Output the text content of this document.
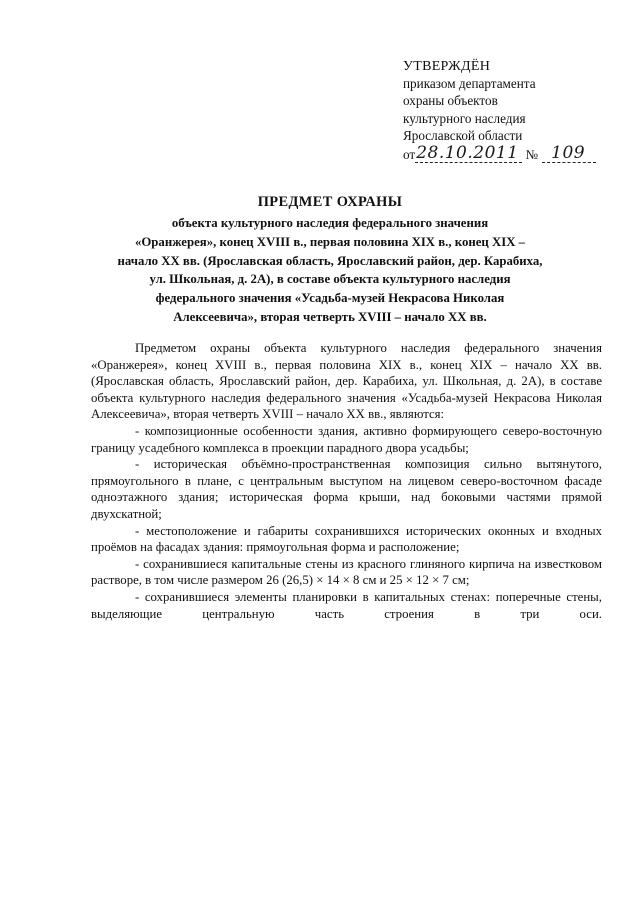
УТВЕРЖДЁН
приказом департамента
охраны объектов
культурного наследия
Ярославской области
от 28.10.2011 № 109
ПРЕДМЕТ ОХРАНЫ
объекта культурного наследия федерального значения
«Оранжерея», конец XVIII в., первая половина XIX в., конец XIX –
начало XX вв. (Ярославская область, Ярославский район, дер. Карабиха,
ул. Школьная, д. 2А), в составе объекта культурного наследия
федерального значения «Усадьба-музей Некрасова Николая
Алексеевича», вторая четверть XVIII – начало XX вв.

Предметом охраны объекта культурного наследия федерального значения «Оранжерея», конец XVIII в., первая половина XIX в., конец XIX – начало XX вв. (Ярославская область, Ярославский район, дер. Карабиха, ул. Школьная, д. 2А), в составе объекта культурного наследия федерального значения «Усадьба-музей Некрасова Николая Алексеевича», вторая четверть XVIII – начало XX вв., являются:

- композиционные особенности здания, активно формирующего северо-восточную границу усадебного комплекса в проекции парадного двора усадьбы;

- историческая объёмно-пространственная композиция сильно вытянутого, прямоугольного в плане, с центральным выступом на лицевом северо-восточном фасаде одноэтажного здания; историческая форма крыши, над боковыми частями прямой двухскатной;

- местоположение и габариты сохранившихся исторических оконных и входных проёмов на фасадах здания: прямоугольная форма и расположение;

- сохранившиеся капитальные стены из красного глиняного кирпича на известковом растворе, в том числе размером 26 (26,5) × 14 × 8 см и 25 × 12 × 7 см;

- сохранившиеся элементы планировки в капитальных стенах: поперечные стены, выделяющие центральную часть строения в три оси.
